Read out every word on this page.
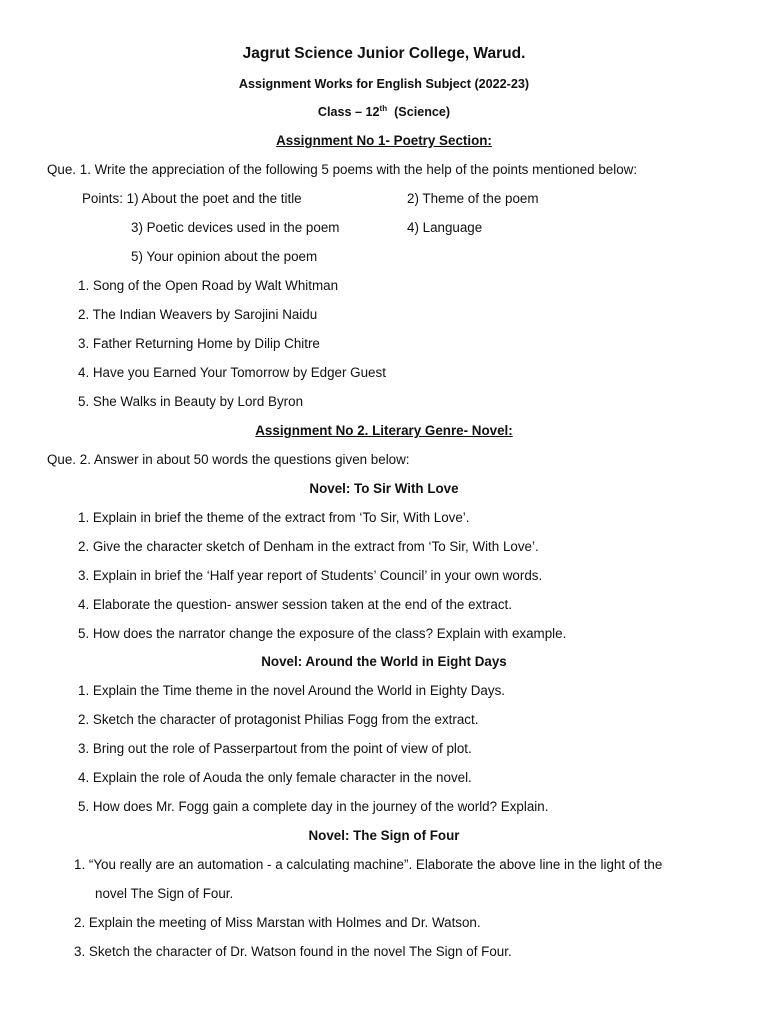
Jagrut Science Junior College, Warud.
Assignment Works for English Subject (2022-23)
Class – 12th (Science)
Assignment No 1- Poetry Section:
Que. 1. Write the appreciation of the following 5 poems with the help of the points mentioned below:
Points: 1) About the poet and the title	2) Theme of the poem
3) Poetic devices used in the poem	4) Language
5) Your opinion about the poem
1. Song of the Open Road by Walt Whitman
2. The Indian Weavers by Sarojini Naidu
3. Father Returning Home by Dilip Chitre
4. Have you Earned Your Tomorrow by Edger Guest
5. She Walks in Beauty by Lord Byron
Assignment No 2. Literary Genre- Novel:
Que. 2. Answer in about 50 words the questions given below:
Novel: To Sir With Love
1. Explain in brief the theme of the extract from ‘To Sir, With Love’.
2. Give the character sketch of Denham in the extract from ‘To Sir, With Love’.
3. Explain in brief the ‘Half year report of Students’ Council’ in your own words.
4. Elaborate the question- answer session taken at the end of the extract.
5. How does the narrator change the exposure of the class? Explain with example.
Novel: Around the World in Eight Days
1. Explain the Time theme in the novel Around the World in Eighty Days.
2. Sketch the character of protagonist Philias Fogg from the extract.
3. Bring out the role of Passerpartout from the point of view of plot.
4. Explain the role of Aouda the only female character in the novel.
5. How does Mr. Fogg gain a complete day in the journey of the world? Explain.
Novel: The Sign of Four
1. “You really are an automation - a calculating machine”. Elaborate the above line in the light of the
novel The Sign of Four.
2. Explain the meeting of Miss Marstan with Holmes and Dr. Watson.
3. Sketch the character of Dr. Watson found in the novel The Sign of Four.
